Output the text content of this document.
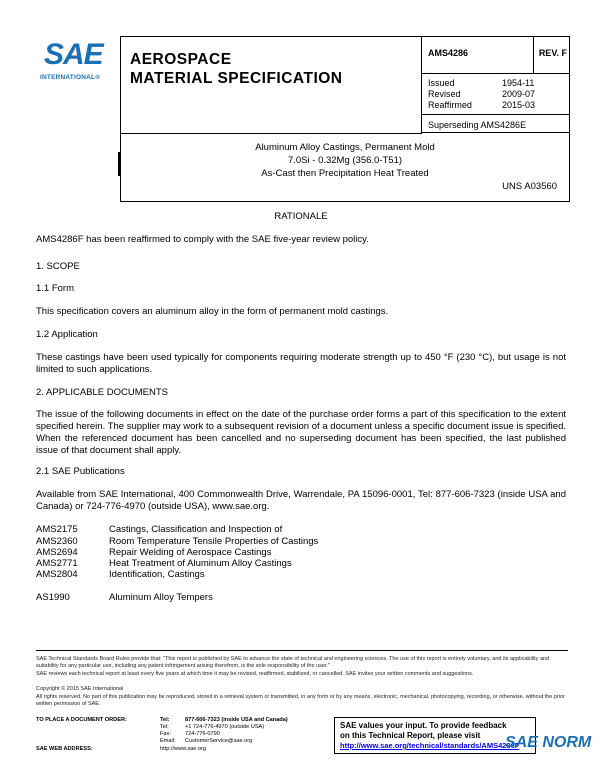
SAE
INTERNATIONAL®
AEROSPACE
MATERIAL SPECIFICATION
AMS4286	REV. F
Issued	1954-11
Revised	2009-07
Reaffirmed	2015-03
Superseding AMS4286E
Aluminum Alloy Castings, Permanent Mold
7.0Si - 0.32Mg (356.0-T51)
As-Cast then Precipitation Heat Treated
UNS A03560
RATIONALE
AMS4286F has been reaffirmed to comply with the SAE five-year review policy.
1. SCOPE
1.1 Form
This specification covers an aluminum alloy in the form of permanent mold castings.
1.2 Application
These castings have been used typically for components requiring moderate strength up to 450 °F (230 °C), but usage is not limited to such applications.
2. APPLICABLE DOCUMENTS
The issue of the following documents in effect on the date of the purchase order forms a part of this specification to the extent specified herein. The supplier may work to a subsequent revision of a document unless a specific document issue is specified. When the referenced document has been cancelled and no superseding document has been specified, the last published issue of that document shall apply.
2.1 SAE Publications
Available from SAE International, 400 Commonwealth Drive, Warrendale, PA 15096-0001, Tel: 877-606-7323 (inside USA and Canada) or 724-776-4970 (outside USA), www.sae.org.
AMS2175	Castings, Classification and Inspection of
AMS2360	Room Temperature Tensile Properties of Castings
AMS2694	Repair Welding of Aerospace Castings
AMS2771	Heat Treatment of Aluminum Alloy Castings
AMS2804	Identification, Castings
AS1990	Aluminum Alloy Tempers
SAE Technical Standards Board Rules provide that: "This report is published by SAE to advance the state of technical and engineering sciences. The use of this report is entirely voluntary, and its applicability and suitability for any particular use, including any patent infringement arising therefrom, is the sole responsibility of the user."
SAE reviews each technical report at least every five years at which time it may be revised, reaffirmed, stabilized, or cancelled. SAE invites your written comments and suggestions.
Copyright © 2015 SAE International
All rights reserved. No part of this publication may be reproduced, stored in a retrieval system or transmitted, in any form or by any means, electronic, mechanical, photocopying, recording, or otherwise, without the prior written permission of SAE.
TO PLACE A DOCUMENT ORDER:	Tel:	877-606-7323 (inside USA and Canada)
Tel:	+1 724-776-4970 (outside USA)
Fax:	724-776-0790
Email: CustomerService@sae.org
SAE WEB ADDRESS:	http://www.sae.org
SAE values your input. To provide feedback
on this Technical Report, please visit
http://www.sae.org/technical/standards/AMS4286F
SAE NORM
